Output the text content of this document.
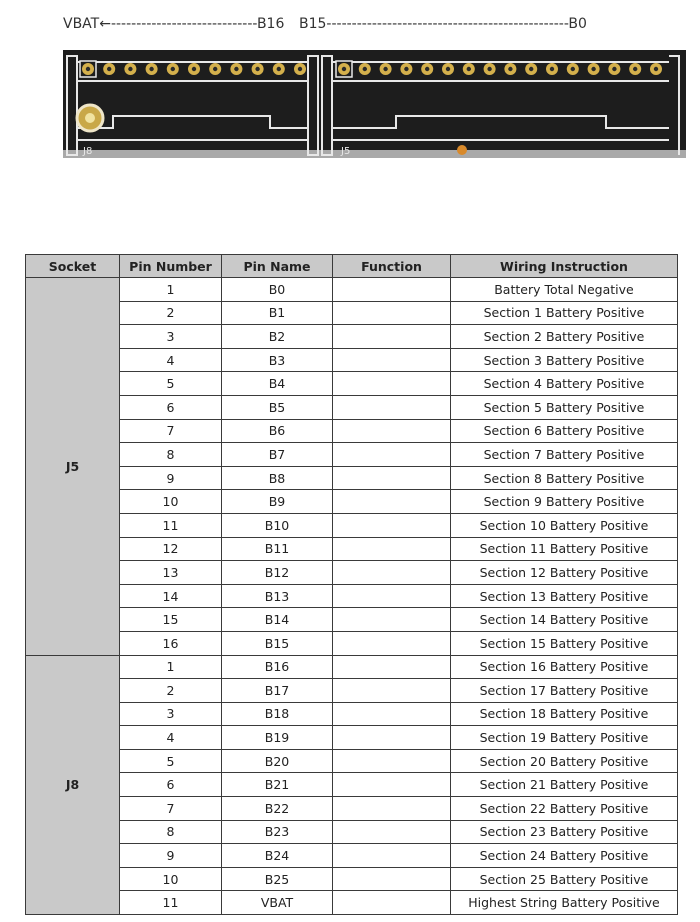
VBAT←-----------------------------B16 B15------------------------------------------------B0
J8	J5
Socket	Pin Number	Pin Name	Function	Wiring Instruction
J5	1	B0		Battery Total Negative
	2	B1		Section 1 Battery Positive
	3	B2		Section 2 Battery Positive
	4	B3		Section 3 Battery Positive
	5	B4		Section 4 Battery Positive
	6	B5		Section 5 Battery Positive
	7	B6		Section 6 Battery Positive
	8	B7		Section 7 Battery Positive
	9	B8		Section 8 Battery Positive
	10	B9		Section 9 Battery Positive
	11	B10		Section 10 Battery Positive
	12	B11		Section 11 Battery Positive
	13	B12		Section 12 Battery Positive
	14	B13		Section 13 Battery Positive
	15	B14		Section 14 Battery Positive
	16	B15		Section 15 Battery Positive
J8	1	B16		Section 16 Battery Positive
	2	B17		Section 17 Battery Positive
	3	B18		Section 18 Battery Positive
	4	B19		Section 19 Battery Positive
	5	B20		Section 20 Battery Positive
	6	B21		Section 21 Battery Positive
	7	B22		Section 22 Battery Positive
	8	B23		Section 23 Battery Positive
	9	B24		Section 24 Battery Positive
	10	B25		Section 25 Battery Positive
	11	VBAT		Highest String Battery Positive
